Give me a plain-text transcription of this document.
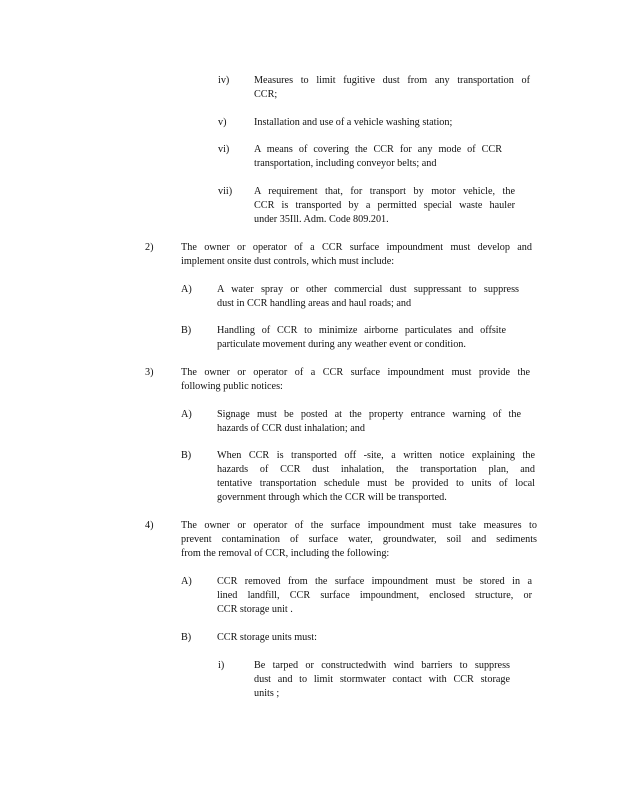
iv) Measures to limit fugitive dust from any transportation of
CCR;
v)	Installation and use of a vehicle washing station;
vi) A means of covering the CCR for any mode of CCR
transportation, including conveyor belts; and
vii) A requirement that, for transport by motor vehicle, the
CCR is transported by a permitted special waste hauler
under 35Ill. Adm. Code 809.201.
2)	The owner or operator of a CCR surface impoundment must develop and
implement onsite dust controls, which must include:
A) A water spray or other commercial dust suppressant to suppress
dust in CCR handling areas and haul roads; and
B)	Handling of CCR to minimize airborne particulates and offsite
particulate movement during any weather event or condition.
3)	The owner or operator of a CCR surface impoundment must provide the
following public notices:
A) Signage must be posted at the property entrance warning of the
hazards of CCR dust inhalation; and
B)	When CCR is transported off -site, a written notice explaining the
hazards of CCR dust inhalation, the transportation plan, and
tentative transportation schedule must be provided to units of local
government through which the CCR will be transported.
4)	The owner or operator of the surface impoundment must take measures to
prevent contamination of surface water, groundwater, soil and sediments
from the removal of CCR, including the following:
A) CCR removed from the surface impoundment must be stored in a
lined landfill, CCR surface impoundment, enclosed structure, or
CCR storage unit .
B)	CCR storage units must:
i)	Be tarped or constructedwith wind barriers to suppress
dust and to limit stormwater contact with CCR storage
units ;
